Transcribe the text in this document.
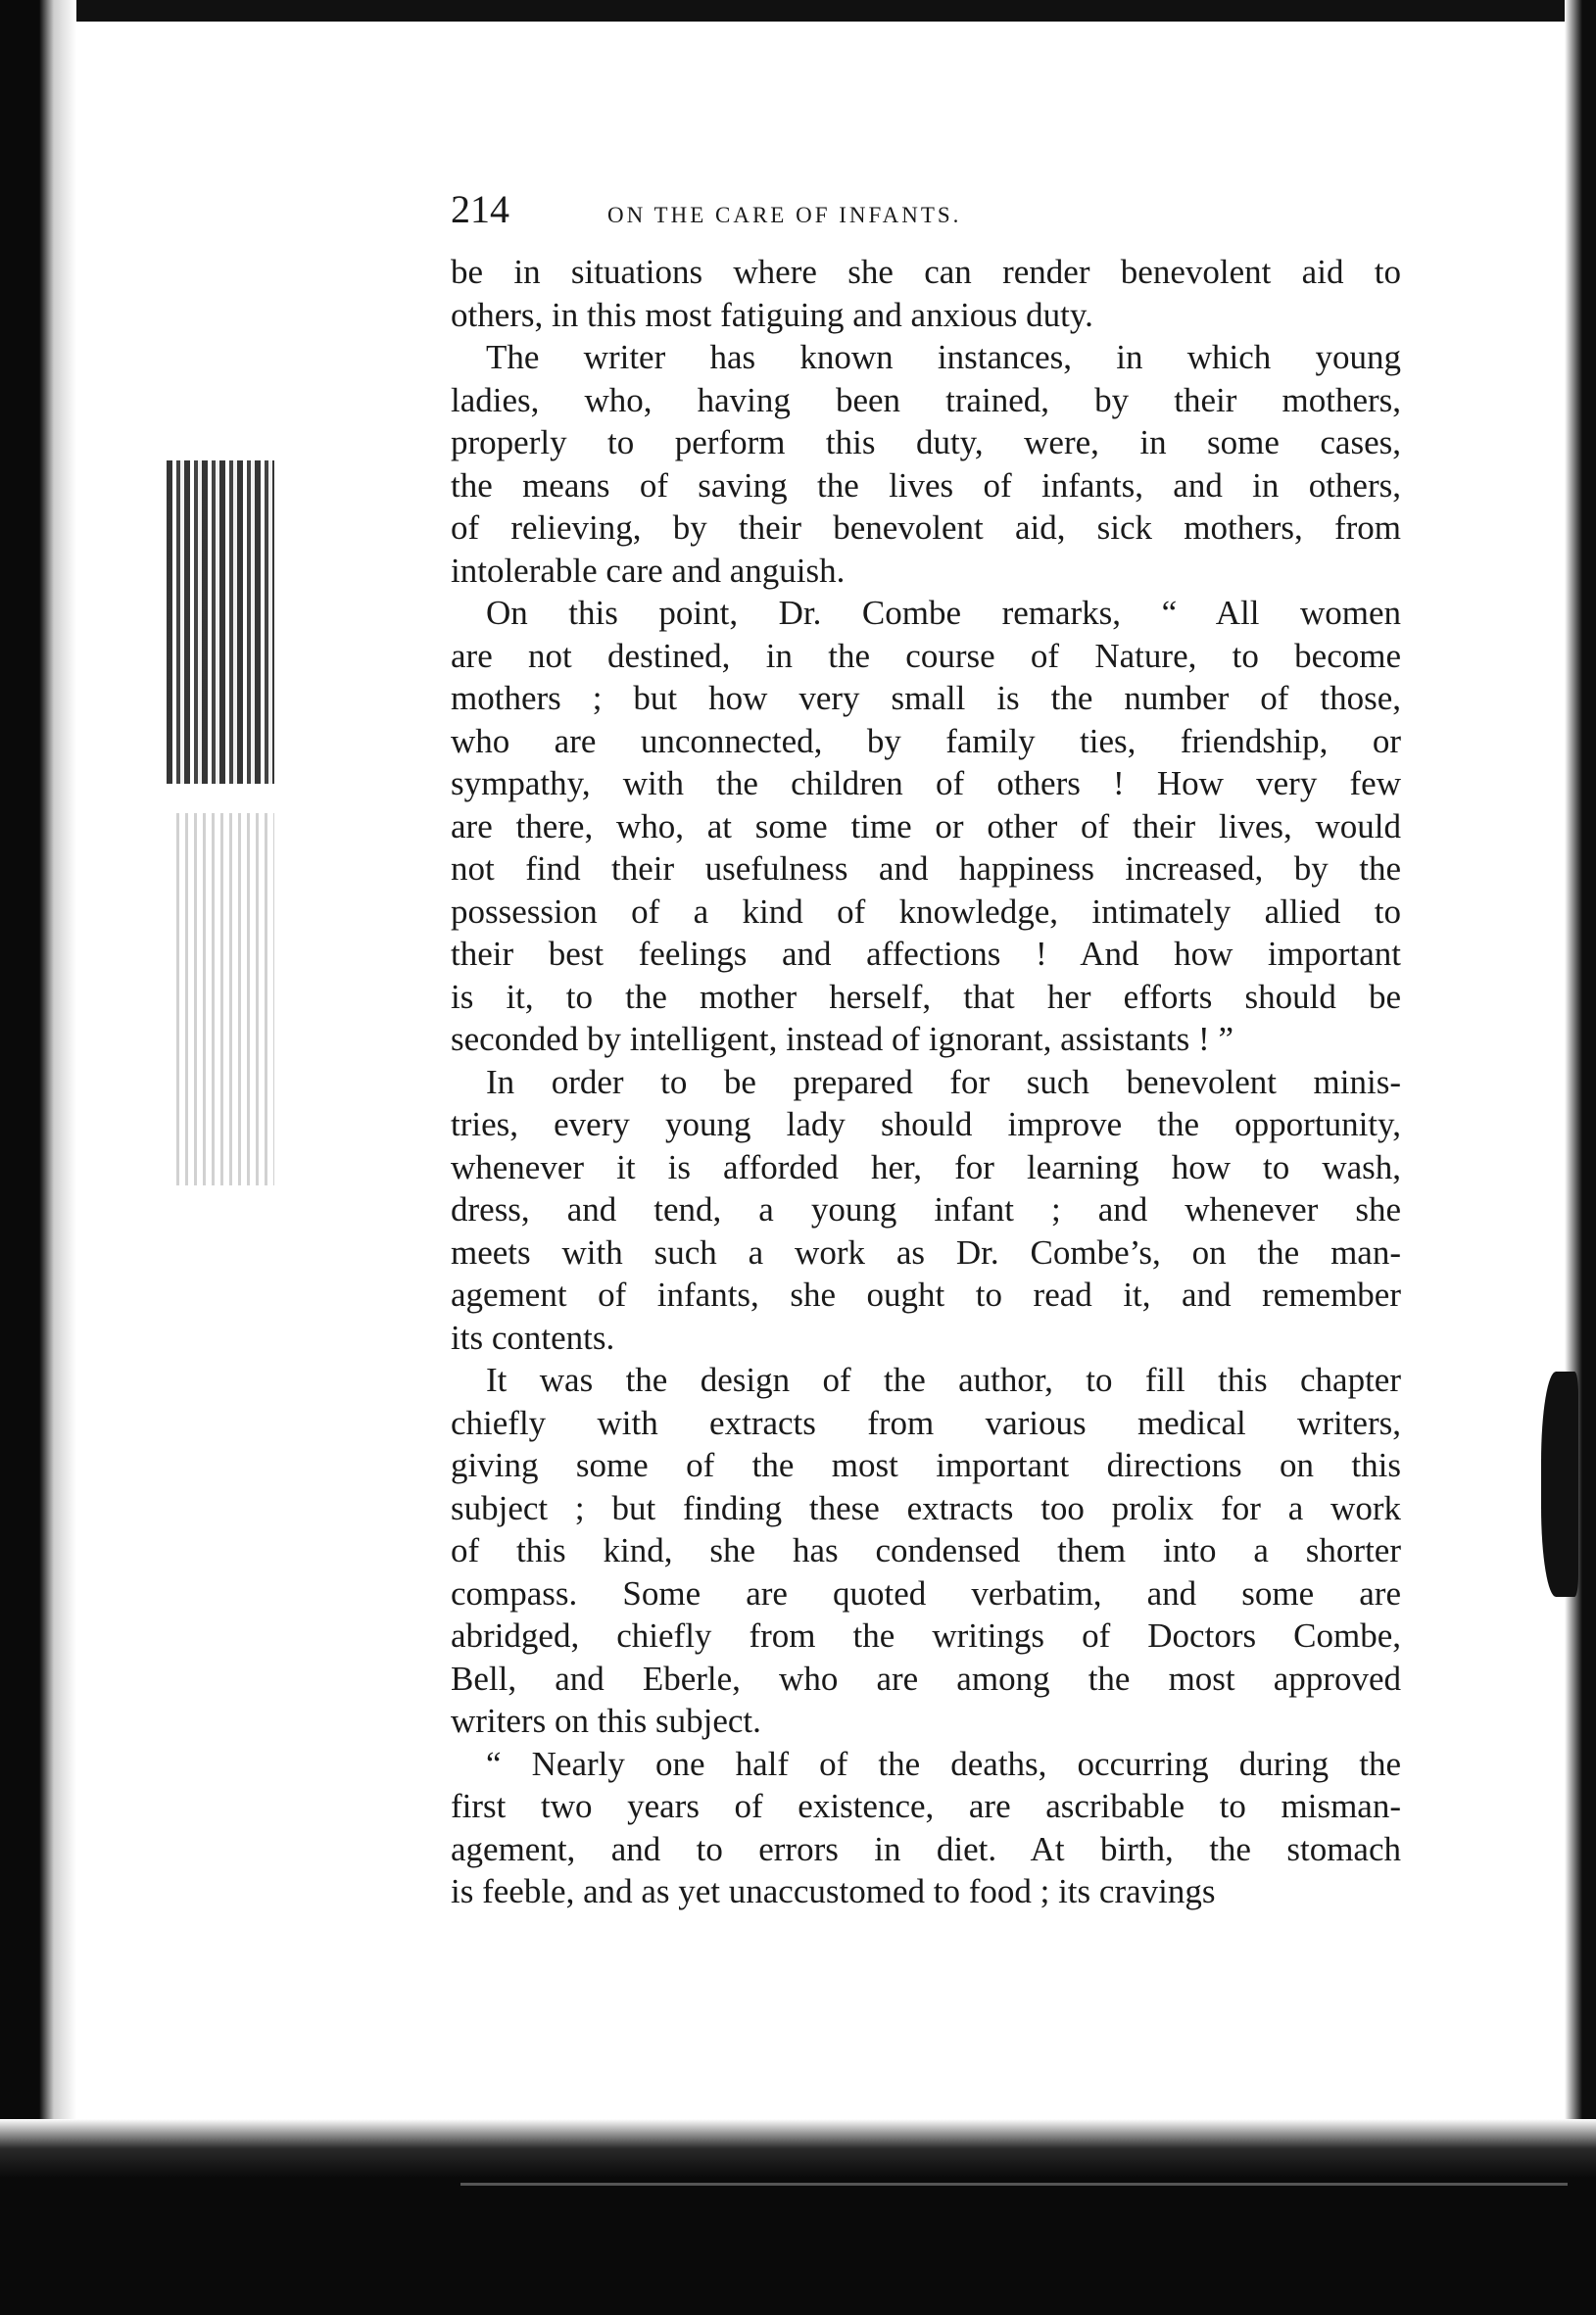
214	ON THE CARE OF INFANTS.

be in situations where she can render benevolent aid to
others, in this most fatiguing and anxious duty.

The writer has known instances, in which young
ladies, who, having been trained, by their mothers,
properly to perform this duty, were, in some cases,
the means of saving the lives of infants, and in others,
of relieving, by their benevolent aid, sick mothers, from
intolerable care and anguish.

On this point, Dr. Combe remarks, “ All women
are not destined, in the course of Nature, to become
mothers ; but how very small is the number of those,
who are unconnected, by family ties, friendship, or
sympathy, with the children of others ! How very few
are there, who, at some time or other of their lives, would
not find their usefulness and happiness increased, by the
possession of a kind of knowledge, intimately allied to
their best feelings and affections ! And how important
is it, to the mother herself, that her efforts should be
seconded by intelligent, instead of ignorant, assistants ! ”

In order to be prepared for such benevolent minis-
tries, every young lady should improve the opportunity,
whenever it is afforded her, for learning how to wash,
dress, and tend, a young infant ; and whenever she
meets with such a work as Dr. Combe’s, on the man-
agement of infants, she ought to read it, and remember
its contents.

It was the design of the author, to fill this chapter
chiefly with extracts from various medical writers,
giving some of the most important directions on this
subject ; but finding these extracts too prolix for a work
of this kind, she has condensed them into a shorter
compass. Some are quoted verbatim, and some are
abridged, chiefly from the writings of Doctors Combe,
Bell, and Eberle, who are among the most approved
writers on this subject.

“ Nearly one half of the deaths, occurring during the
first two years of existence, are ascribable to misman-
agement, and to errors in diet. At birth, the stomach
is feeble, and as yet unaccustomed to food ; its cravings
